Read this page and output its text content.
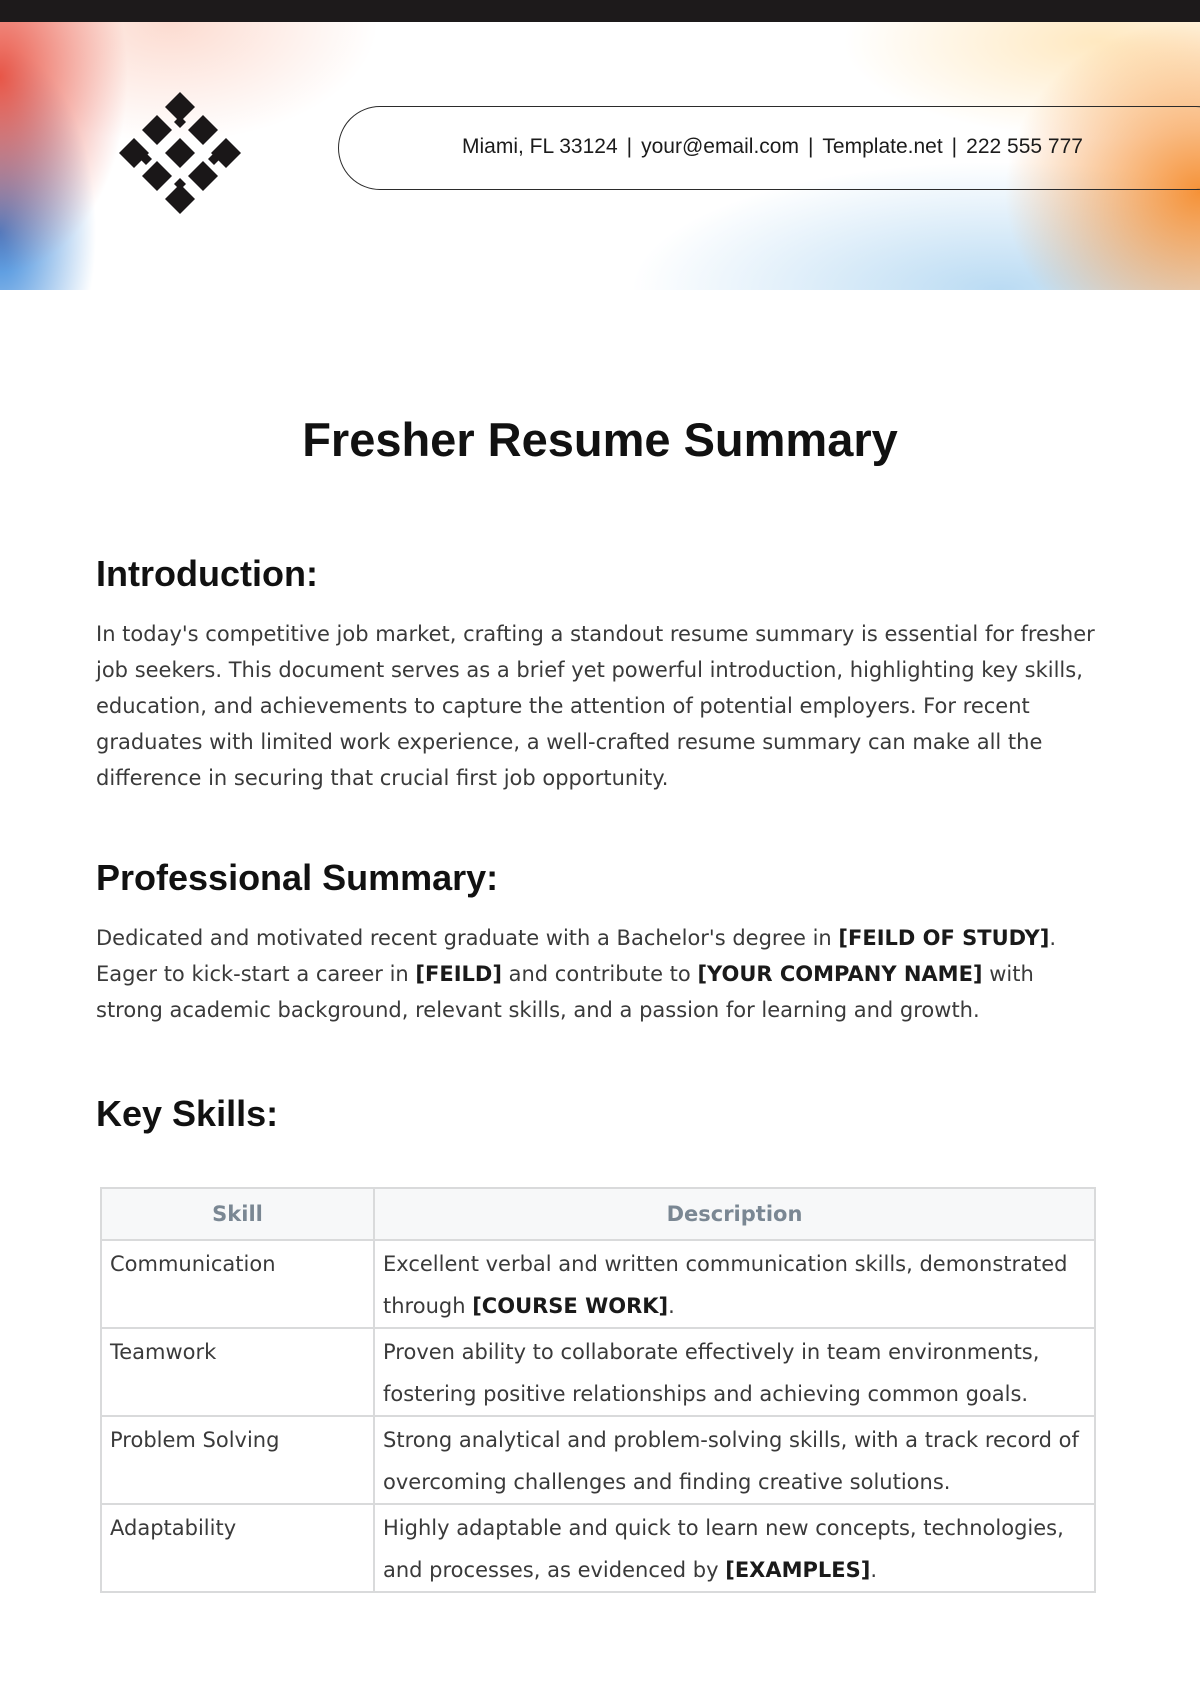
Miami, FL 33124 | your@email.com | Template.net | 222 555 777
Fresher Resume Summary
Introduction:

In today's competitive job market, crafting a standout resume summary is essential for fresher job seekers. This document serves as a brief yet powerful introduction, highlighting key skills, education, and achievements to capture the attention of potential employers. For recent graduates with limited work experience, a well-crafted resume summary can make all the difference in securing that crucial first job opportunity.

Professional Summary:

Dedicated and motivated recent graduate with a Bachelor's degree in [FEILD OF STUDY]. Eager to kick-start a career in [FEILD] and contribute to [YOUR COMPANY NAME] with strong academic background, relevant skills, and a passion for learning and growth.

Key Skills:
Skill	Description
Communication	Excellent verbal and written communication skills, demonstrated through [COURSE WORK].
Teamwork	Proven ability to collaborate effectively in team environments, fostering positive relationships and achieving common goals.
Problem Solving	Strong analytical and problem-solving skills, with a track record of overcoming challenges and finding creative solutions.
Adaptability	Highly adaptable and quick to learn new concepts, technologies, and processes, as evidenced by [EXAMPLES].
